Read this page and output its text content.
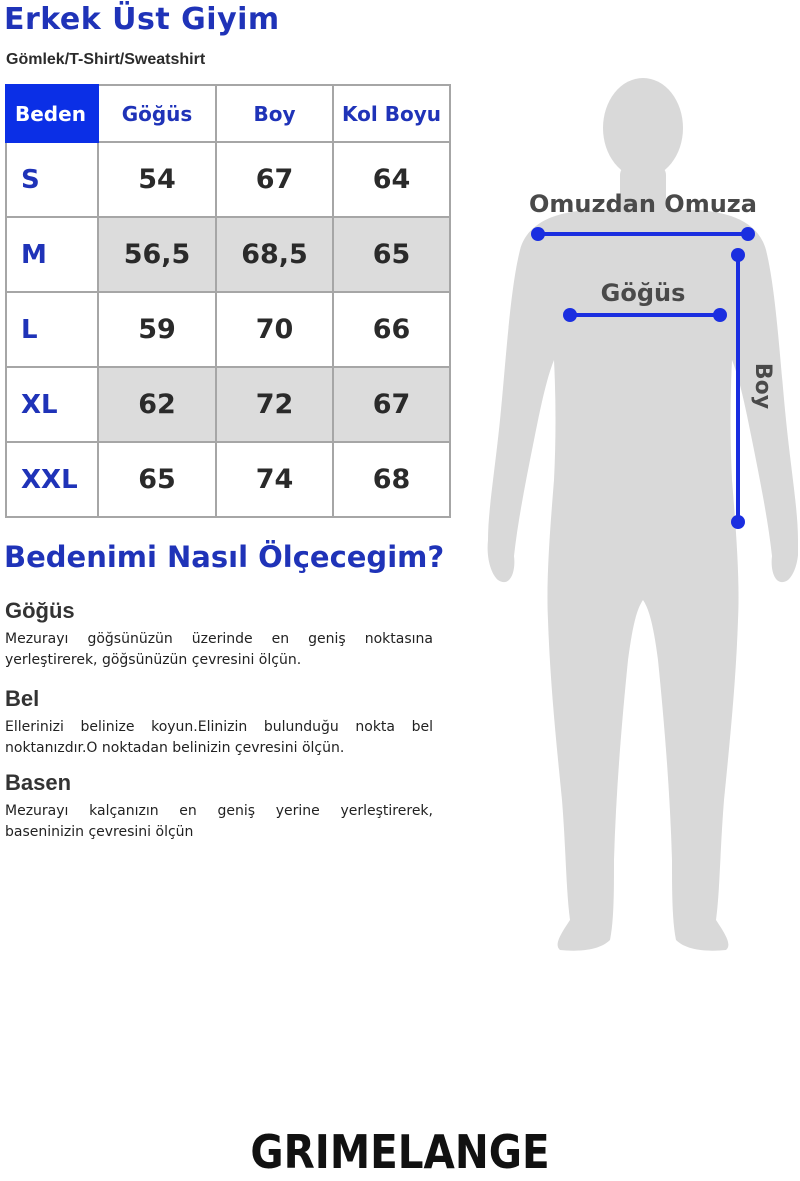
Erkek Üst Giyim
Gömlek/T-Shirt/Sweatshirt
Beden	Göğüs	Boy	Kol Boyu
S	54	67	64
M	56,5	68,5	65
L	59	70	66
XL	62	72	67
XXL	65	74	68
Bedenimi Nasıl Ölçecegim?
Göğüs

Mezurayı göğsünüzün üzerinde en geniş noktasına yerleştirerek, göğsünüzün çevresini ölçün.

Bel

Ellerinizi belinize koyun.Elinizin bulunduğu nokta bel noktanızdır.O noktadan belinizin çevresini ölçün.

Basen

Mezurayı kalçanızın en geniş yerine yerleştirerek, baseninizin çevresini ölçün

Omuzdan Omuza
Göğüs
Boy
GRIMELANGE
